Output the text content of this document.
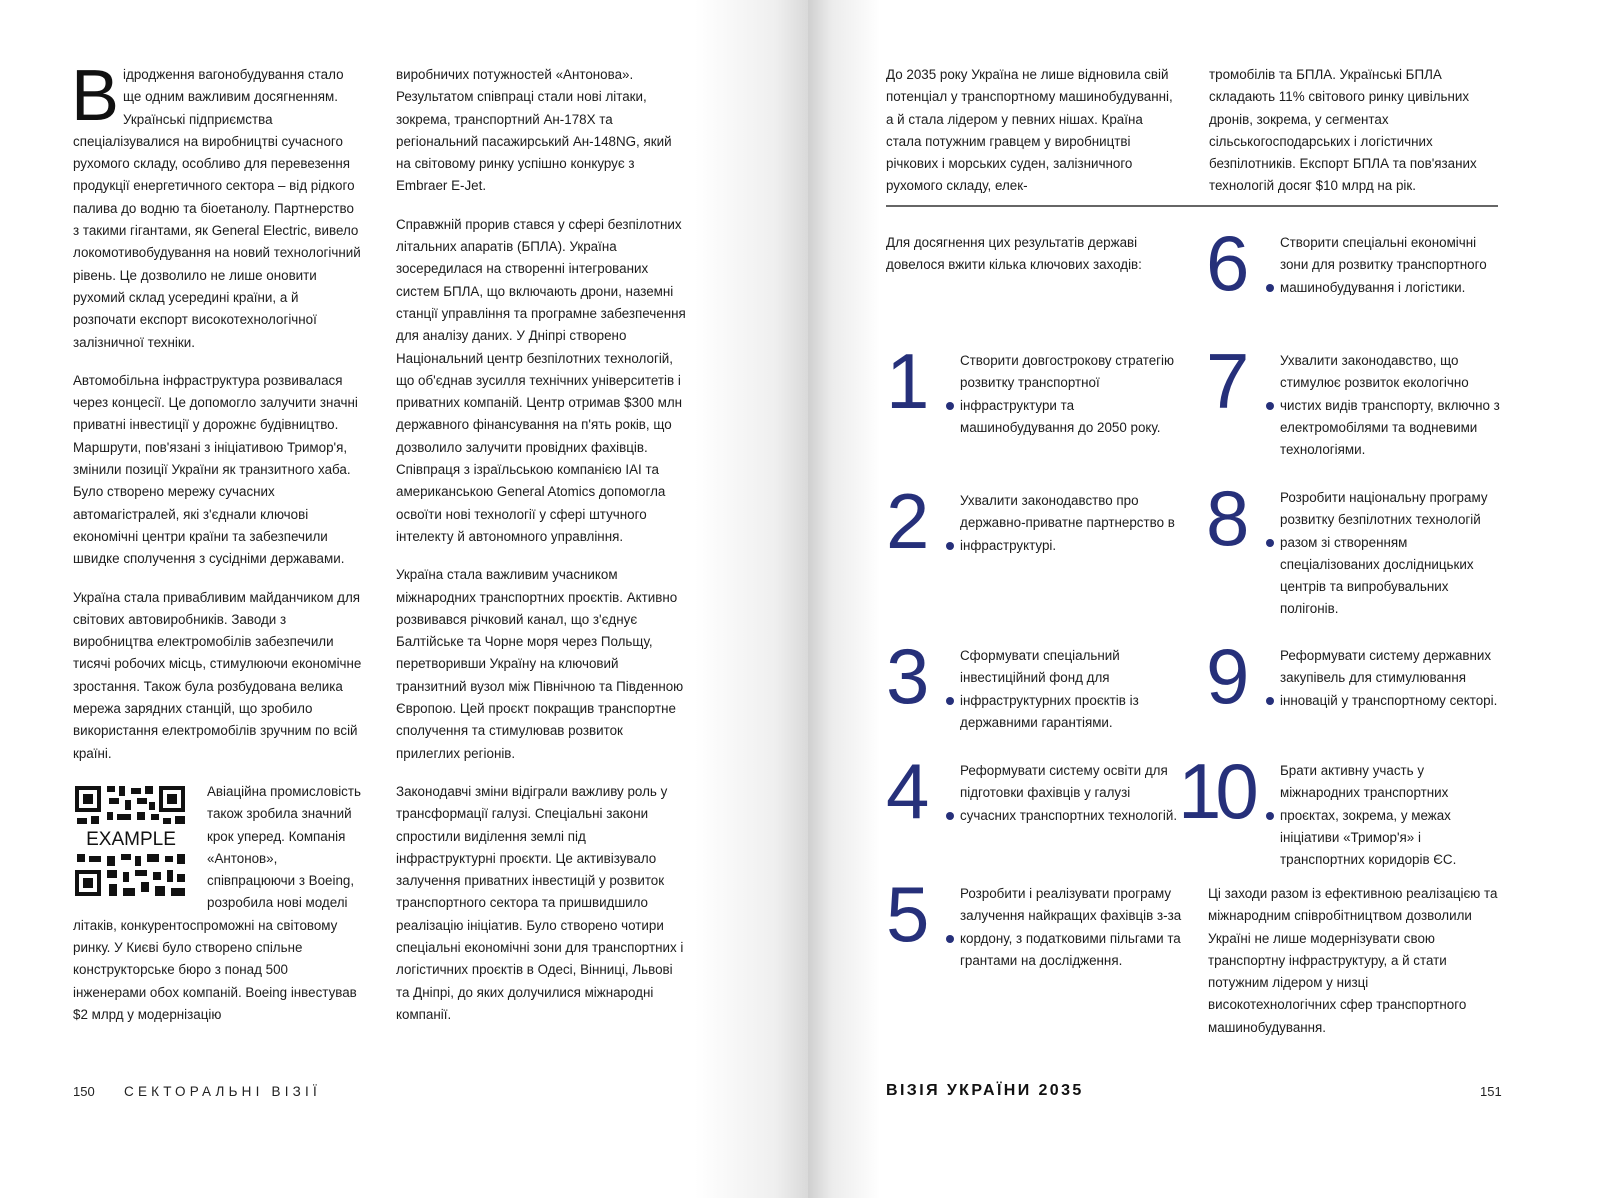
Відродження вагонобудування стало ще одним важливим досягненням. Українські підприємства спеціалізувалися на виробництві сучасного рухомого складу, особливо для перевезення продукції енергетичного сектора – від рідкого палива до водню та біоетанолу. Партнерство з такими гігантами, як General Electric, вивело локомотивобудування на новий технологічний рівень. Це дозволило не лише оновити рухомий склад усередині країни, а й розпочати експорт високотехнологічної залізничної техніки.

Автомобільна інфраструктура розвивалася через концесії. Це допомогло залучити значні приватні інвестиції у дорожнє будівництво. Маршрути, пов'язані з ініціативою Тримор'я, змінили позиції України як транзитного хаба. Було створено мережу сучасних автомагістралей, які з'єднали ключові економічні центри країни та забезпечили швидке сполучення з сусідніми державами.

Україна стала привабливим майданчиком для світових автовиробників. Заводи з виробництва електромобілів забезпечили тисячі робочих місць, стимулюючи економічне зростання. Також була розбудована велика мережа зарядних станцій, що зробило використання електромобілів зручним по всій країні.

EXAMPLE
Авіаційна промисловість також зробила значний крок уперед. Компанія «Антонов», співпрацюючи з Boeing, розробила нові моделі літаків, конкурентоспроможні на світовому ринку. У Києві було створено спільне конструкторське бюро з понад 500 інженерами обох компаній. Boeing інвестував $2 млрд у модернізацію

виробничих потужностей «Антонова». Результатом співпраці стали нові літаки, зокрема, транспортний Ан-178Х та регіональний пасажирський Ан-148NG, який на світовому ринку успішно конкурує з Embraer E-Jet.

Справжній прорив стався у сфері безпілотних літальних апаратів (БПЛА). Україна зосередилася на створенні інтегрованих систем БПЛА, що включають дрони, наземні станції управління та програмне забезпечення для аналізу даних. У Дніпрі створено Національний центр безпілотних технологій, що об'єднав зусилля технічних університетів і приватних компаній. Центр отримав $300 млн державного фінансування на п'ять років, що дозволило залучити провідних фахівців. Співпраця з ізраїльською компанією IAI та американською General Atomics допомогла освоїти нові технології у сфері штучного інтелекту й автономного управління.

Україна стала важливим учасником міжнародних транспортних проєктів. Активно розвивався річковий канал, що з'єднує Балтійське та Чорне моря через Польщу, перетворивши Україну на ключовий транзитний вузол між Північною та Південною Європою. Цей проєкт покращив транспортне сполучення та стимулював розвиток прилеглих регіонів.

Законодавчі зміни відіграли важливу роль у трансформації галузі. Спеціальні закони спростили виділення землі під інфраструктурні проєкти. Це активізувало залучення приватних інвестицій у розвиток транспортного сектора та пришвидшило реалізацію ініціатив. Було створено чотири спеціальні економічні зони для транспортних і логістичних проєктів в Одесі, Вінниці, Львові та Дніпрі, до яких долучилися міжнародні компанії.

150 СЕКТОРАЛЬНІ ВІЗІЇ
До 2035 року Україна не лише відновила свій потенціал у транспортному машинобудуванні, а й стала лідером у певних нішах. Країна стала потужним гравцем у виробництві річкових і морських суден, залізничного рухомого складу, елек-
тромобілів та БПЛА. Українські БПЛА складають 11% світового ринку цивільних дронів, зокрема, у сегментах сільськогосподарських і логістичних безпілотників. Експорт БПЛА та пов'язаних технологій досяг $10 млрд на рік.
Для досягнення цих результатів державі довелося вжити кілька ключових заходів:
1	Створити довгострокову стратегію розвитку транспортної інфраструктури та машинобудування до 2050 року.
2	Ухвалити законодавство про державно-приватне партнерство в інфраструктурі.
3	Сформувати спеціальний інвестиційний фонд для інфраструктурних проєктів із державними гарантіями.
4	Реформувати систему освіти для підготовки фахівців у галузі сучасних транспортних технологій.
5	Розробити і реалізувати програму залучення найкращих фахівців з-за кордону, з податковими пільгами та грантами на дослідження.
6	Створити спеціальні економічні зони для розвитку транспортного машинобудування і логістики.
7	Ухвалити законодавство, що стимулює розвиток екологічно чистих видів транспорту, включно з електромобілями та водневими технологіями.
8	Розробити національну програму розвитку безпілотних технологій разом зі створенням спеціалізованих дослідницьких центрів та випробувальних полігонів.
9	Реформувати систему державних закупівель для стимулювання інновацій у транспортному секторі.
10 Брати активну участь у міжнародних транспортних проєктах, зокрема, у межах ініціативи «Тримор'я» і транспортних коридорів ЄС.
Ці заходи разом із ефективною реалізацією та міжнародним співробітництвом дозволили Україні не лише модернізувати свою транспортну інфраструктуру, а й стати потужним лідером у низці високотехнологічних сфер транспортного машинобудування.
ВІЗІЯ УКРАЇНИ 2035	151
